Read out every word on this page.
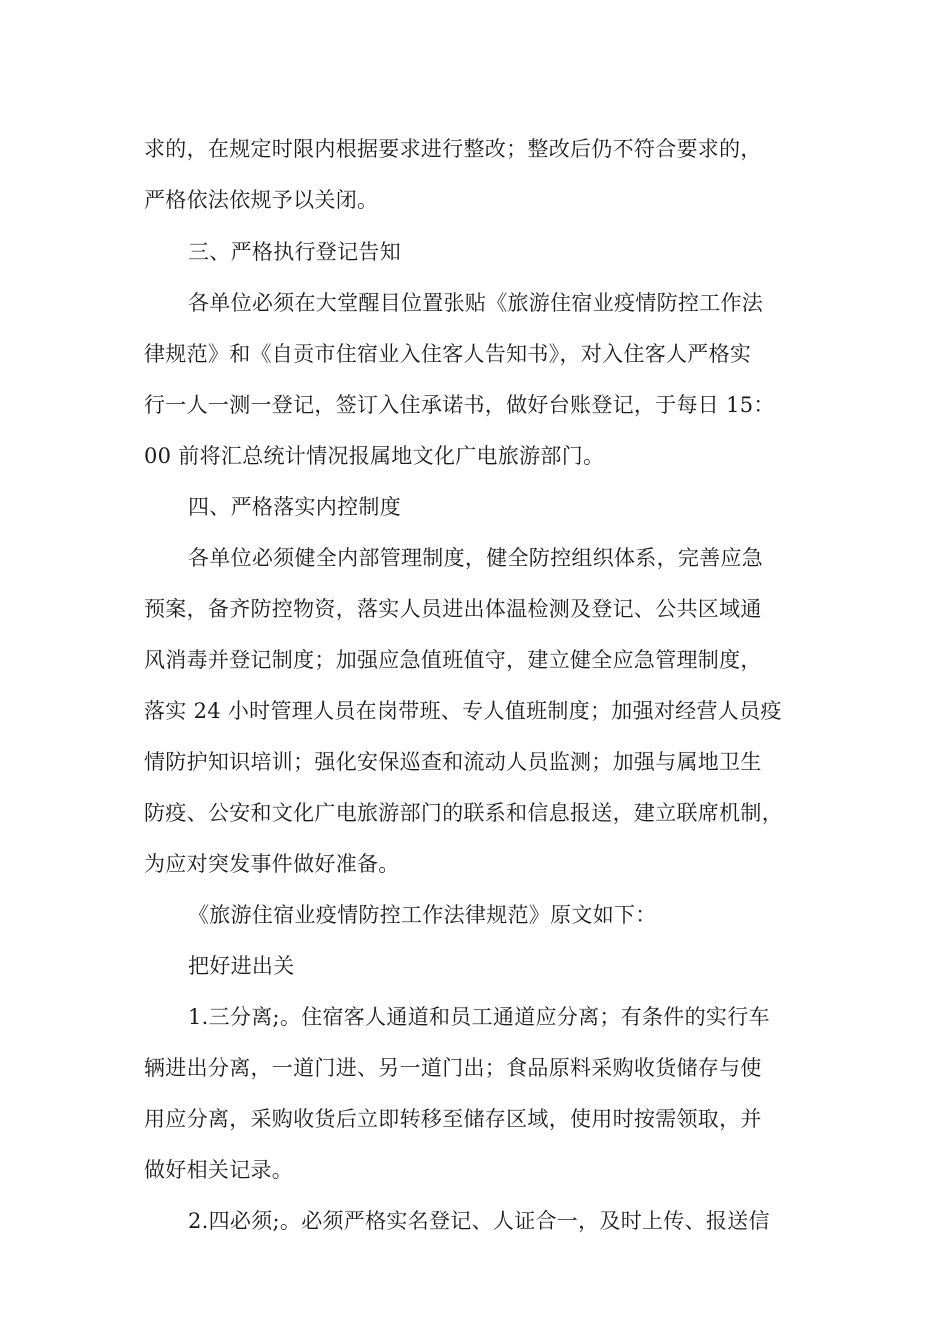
求的，在规定时限内根据要求进行整改；整改后仍不符合要求的，
严格依法依规予以关闭。
三、严格执行登记告知
各单位必须在大堂醒目位置张贴《旅游住宿业疫情防控工作法
律规范》和《自贡市住宿业入住客人告知书》，对入住客人严格实
行一人一测一登记，签订入住承诺书，做好台账登记，于每日 15：
00 前将汇总统计情况报属地文化广电旅游部门。
四、严格落实内控制度
各单位必须健全内部管理制度，健全防控组织体系，完善应急
预案，备齐防控物资，落实人员进出体温检测及登记、公共区域通
风消毒并登记制度；加强应急值班值守，建立健全应急管理制度，
落实 24 小时管理人员在岗带班、专人值班制度；加强对经营人员疫
情防护知识培训；强化安保巡查和流动人员监测；加强与属地卫生
防疫、公安和文化广电旅游部门的联系和信息报送，建立联席机制，
为应对突发事件做好准备。
《旅游住宿业疫情防控工作法律规范》原文如下：
把好进出关
1.三分离;。住宿客人通道和员工通道应分离；有条件的实行车
辆进出分离，一道门进、另一道门出；食品原料采购收货储存与使
用应分离，采购收货后立即转移至储存区域，使用时按需领取，并
做好相关记录。
2.四必须;。必须严格实名登记、人证合一，及时上传、报送信
